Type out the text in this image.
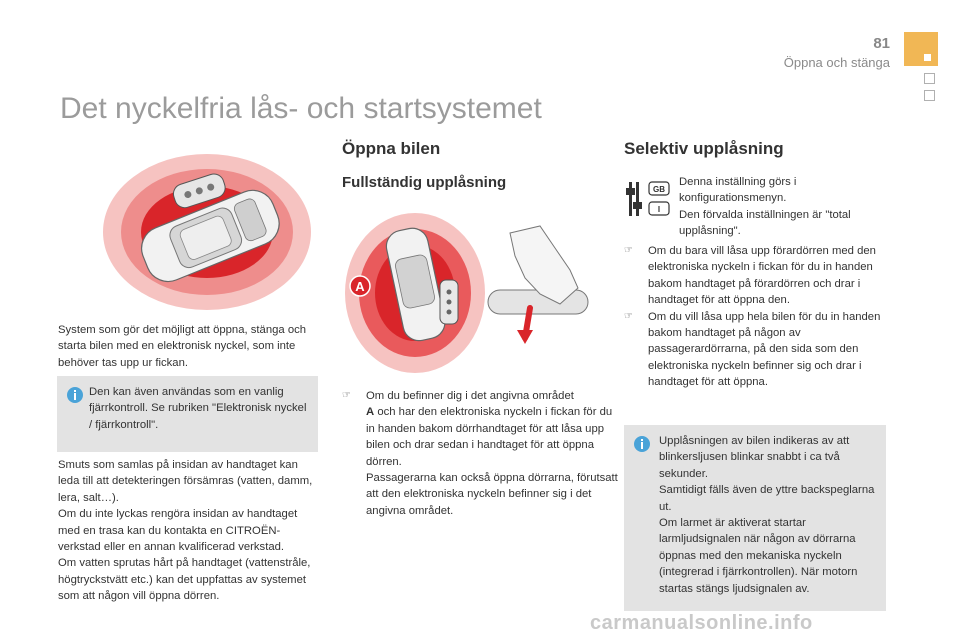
81
Öppna och stänga
Det nyckelfria lås- och startsystemet
System som gör det möjligt att öppna, stänga och starta bilen med en elektronisk nyckel, som inte behöver tas upp ur fickan.
Den kan även användas som en vanlig fjärrkontroll. Se rubriken "Elektronisk nyckel / fjärrkontroll".
Smuts som samlas på insidan av handtaget kan leda till att detekteringen försämras (vatten, damm, lera, salt…).
Om du inte lyckas rengöra insidan av handtaget med en trasa kan du kontakta en CITROËN-verkstad eller en annan kvalificerad verkstad.
Om vatten sprutas hårt på handtaget (vattenstråle, högtryckstvätt etc.) kan det uppfattas av systemet som att någon vill öppna dörren.
Öppna bilen
Fullständig upplåsning
A
☞ Om du befinner dig i det angivna området
A och har den elektroniska nyckeln i fickan för du in handen bakom dörrhandtaget för att låsa upp bilen och drar sedan i handtaget för att öppna dörren.
Passagerarna kan också öppna dörrarna, förutsatt att den elektroniska nyckeln befinner sig i det angivna området.
Selektiv upplåsning
GB
I
Denna inställning görs i konfigurationsmenyn.
Den förvalda inställningen är "total upplåsning".
☞ Om du bara vill låsa upp förardörren med den elektroniska nyckeln i fickan för du in handen bakom handtaget på förardörren och drar i handtaget för att öppna den.
☞ Om du vill låsa upp hela bilen för du in handen bakom handtaget på någon av passagerardörrarna, på den sida som den elektroniska nyckeln befinner sig och drar i handtaget för att öppna.
Upplåsningen av bilen indikeras av att blinkersljusen blinkar snabbt i ca två sekunder.
Samtidigt fälls även de yttre backspeglarna ut.
Om larmet är aktiverat startar larmljudsignalen när någon av dörrarna öppnas med den mekaniska nyckeln (integrerad i fjärrkontrollen). När motorn startas stängs ljudsignalen av.
carmanualsonline.info
